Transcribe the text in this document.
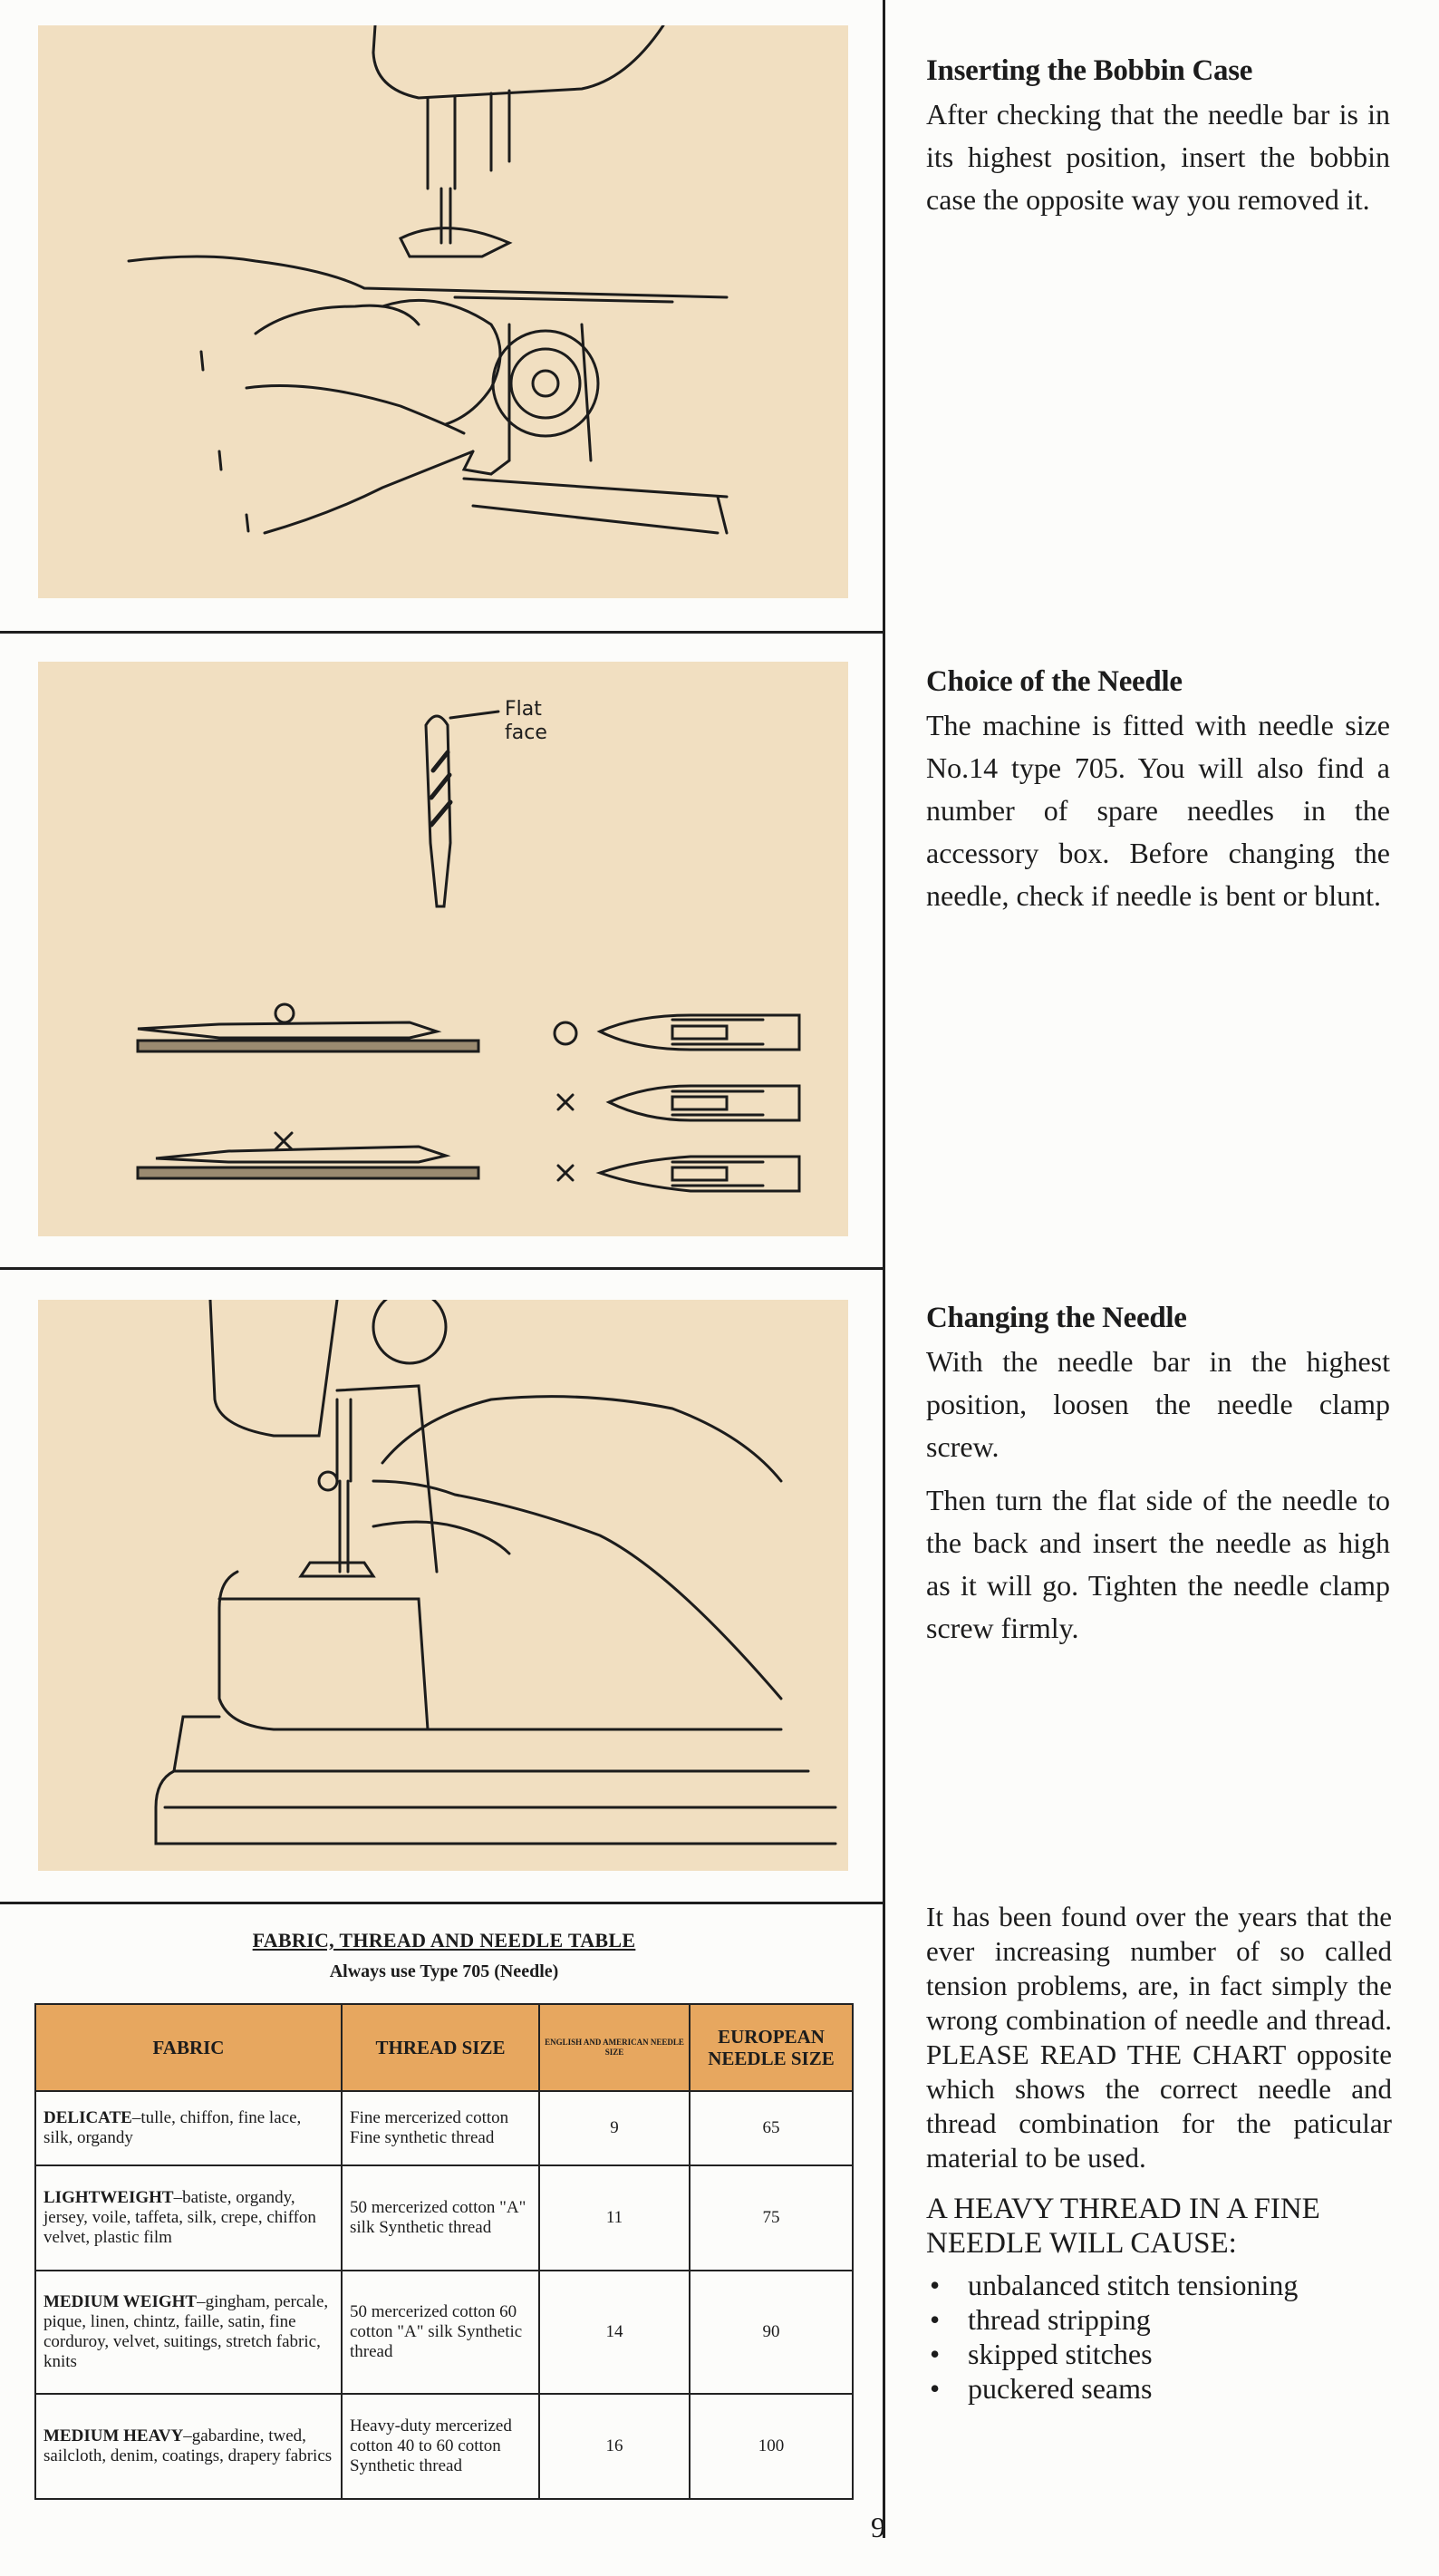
Flat
face
Inserting the Bobbin Case

After checking that the needle bar is in its highest position, insert the bobbin case the opposite way you removed it.

Choice of the Needle

The machine is fitted with needle size No.14 type 705. You will also find a number of spare needles in the accessory box. Before changing the needle, check if needle is bent or blunt.

Changing the Needle

With the needle bar in the highest position, loosen the needle clamp screw.

Then turn the flat side of the needle to the back and insert the needle as high as it will go. Tighten the needle clamp screw firmly.

FABRIC, THREAD AND NEEDLE TABLE
Always use Type 705 (Needle)
FABRIC	THREAD SIZE	ENGLISH AND AMERICAN NEEDLE SIZE	EUROPEAN NEEDLE SIZE
DELICATE–tulle, chiffon, fine lace, silk, organdy	Fine mercerized cotton Fine synthetic thread	9	65
LIGHTWEIGHT–batiste, organdy, jersey, voile, taffeta, silk, crepe, chiffon velvet, plastic film	50 mercerized cotton "A" silk Synthetic thread	11	75
MEDIUM WEIGHT–gingham, percale, pique, linen, chintz, faille, satin, fine corduroy, velvet, suitings, stretch fabric, knits	50 mercerized cotton 60 cotton "A" silk Synthetic thread	14	90
MEDIUM HEAVY–gabardine, twed, sailcloth, denim, coatings, drapery fabrics	Heavy-duty mercerized cotton 40 to 60 cotton Synthetic thread	16	100

It has been found over the years that the ever increasing number of so called tension problems, are, in fact simply the wrong combination of needle and thread. PLEASE READ THE CHART opposite which shows the correct needle and thread combination for the paticular material to be used.

A HEAVY THREAD IN A FINE NEEDLE WILL CAUSE:
• unbalanced stitch tensioning
• thread stripping
• skipped stitches
• puckered seams
9
